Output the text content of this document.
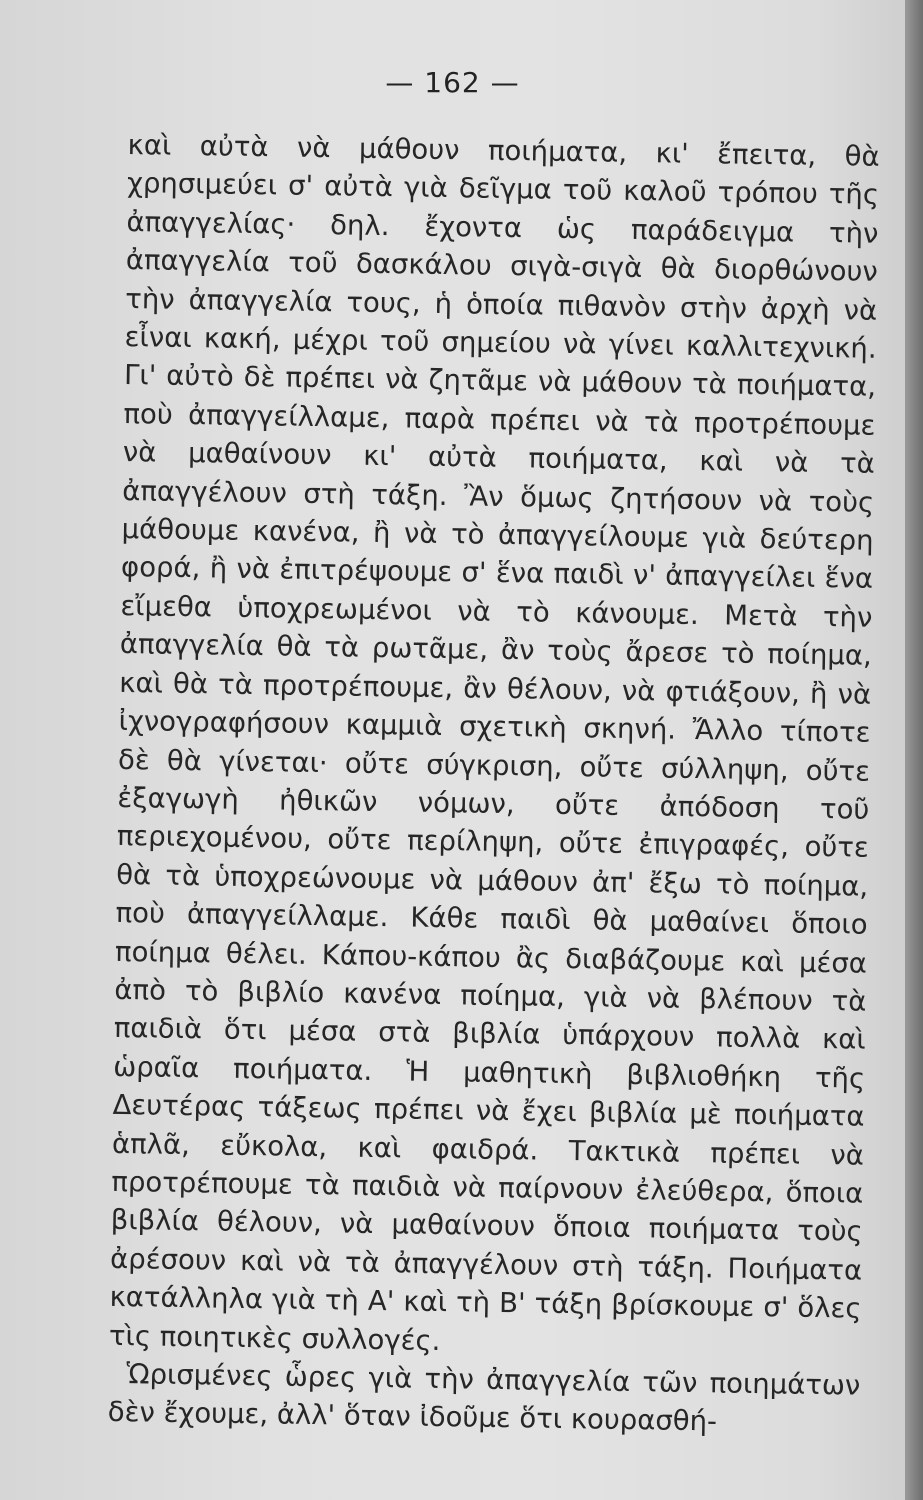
— 162 —

καὶ αὐτὰ νὰ μάθουν ποιήματα, κι' ἔπειτα, θὰ χρησιμεύει σ' αὐτὰ γιὰ δεῖγμα τοῦ καλοῦ τρόπου τῆς ἀπαγγελίας· δηλ. ἔχοντα ὡς παράδειγμα τὴν ἀπαγγελία τοῦ δασκάλου σιγὰ-σιγὰ θὰ διορθώνουν τὴν ἀπαγγελία τους, ἡ ὁποία πιθανὸν στὴν ἀρχὴ νὰ εἶναι κακή, μέχρι τοῦ σημείου νὰ γίνει καλλιτεχνική. Γι' αὐτὸ δὲ πρέπει νὰ ζητᾶμε νὰ μάθουν τὰ ποιήματα, ποὺ ἀπαγγείλλαμε, παρὰ πρέπει νὰ τὰ προτρέπουμε νὰ μαθαίνουν κι' αὐτὰ ποιήματα, καὶ νὰ τὰ ἀπαγγέλουν στὴ τάξη. Ἂν ὅμως ζητήσουν νὰ τοὺς μάθουμε κανένα, ἢ νὰ τὸ ἀπαγγείλουμε γιὰ δεύτερη φορά, ἢ νὰ ἐπιτρέψουμε σ' ἕνα παιδὶ ν' ἀπαγγείλει ἕνα εἴμεθα ὑποχρεωμένοι νὰ τὸ κάνουμε. Μετὰ τὴν ἀπαγγελία θὰ τὰ ρωτᾶμε, ἂν τοὺς ἄρεσε τὸ ποίημα, καὶ θὰ τὰ προτρέπουμε, ἂν θέλουν, νὰ φτιάξουν, ἢ νὰ ἰχνογραφήσουν καμμιὰ σχετικὴ σκηνή. Ἄλλο τίποτε δὲ θὰ γίνεται· οὔτε σύγκριση, οὔτε σύλληψη, οὔτε ἐξαγωγὴ ἠθικῶν νόμων, οὔτε ἀπόδοση τοῦ περιεχομένου, οὔτε περίληψη, οὔτε ἐπιγραφές, οὔτε θὰ τὰ ὑποχρεώνουμε νὰ μάθουν ἀπ' ἔξω τὸ ποίημα, ποὺ ἀπαγγείλλαμε. Κάθε παιδὶ θὰ μαθαίνει ὅποιο ποίημα θέλει. Κάπου-κάπου ἂς διαβάζουμε καὶ μέσα ἀπὸ τὸ βιβλίο κανένα ποίημα, γιὰ νὰ βλέπουν τὰ παιδιὰ ὅτι μέσα στὰ βιβλία ὑπάρχουν πολλὰ καὶ ὡραῖα ποιήματα. Ἡ μαθητικὴ βιβλιοθήκη τῆς Δευτέρας τάξεως πρέπει νὰ ἔχει βιβλία μὲ ποιήματα ἁπλᾶ, εὔκολα, καὶ φαιδρά. Τακτικὰ πρέπει νὰ προτρέπουμε τὰ παιδιὰ νὰ παίρνουν ἐλεύθερα, ὅποια βιβλία θέλουν, νὰ μαθαίνουν ὅποια ποιήματα τοὺς ἀρέσουν καὶ νὰ τὰ ἀπαγγέλουν στὴ τάξη. Ποιήματα κατάλληλα γιὰ τὴ Α' καὶ τὴ Β' τάξη βρίσκουμε σ' ὅλες τὶς ποιητικὲς συλλογές.

Ὡρισμένες ὧρες γιὰ τὴν ἀπαγγελία τῶν ποιημάτων δὲν ἔχουμε, ἀλλ' ὅταν ἰδοῦμε ὅτι κουρασθή-
